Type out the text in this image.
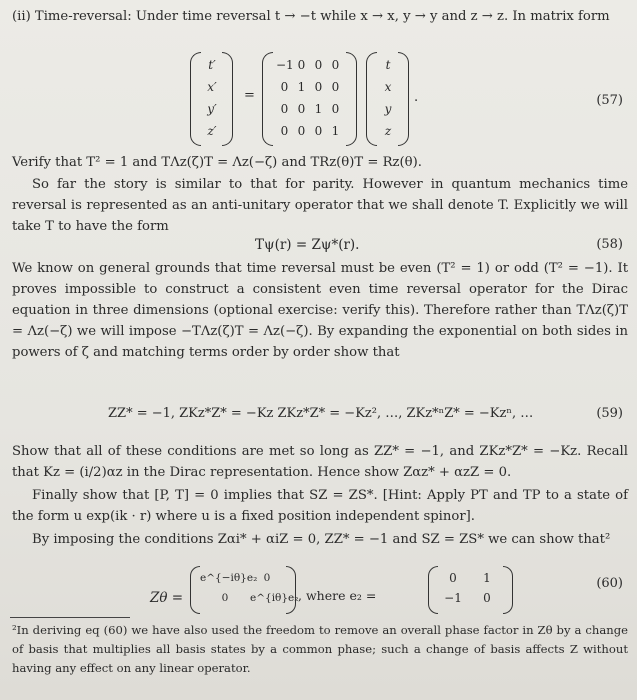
(ii) Time-reversal: Under time reversal t → −t while x → x, y → y and z → z. In matrix form
t′
x′
y′
z′
=
−1 0 0 0
0 1 0 0
0 0 1 0
0 0 0 1
t
x
y
z
.	(57)
Verify that T² = 1 and TΛz(ζ)T = Λz(−ζ) and TRz(θ)T = Rz(θ).
So far the story is similar to that for parity. However in quantum mechanics time reversal is represented as an anti-unitary operator that we shall denote T. Explicitly we will take T to have the form
Tψ(r) = Zψ*(r).	(58)
We know on general grounds that time reversal must be even (T² = 1) or odd (T² = −1). It proves impossible to construct a consistent even time reversal operator for the Dirac equation in three dimensions (optional exercise: verify this). Therefore rather than TΛz(ζ)T = Λz(−ζ) we will impose −TΛz(ζ)T = Λz(−ζ). By expanding the exponential on both sides in powers of ζ and matching terms order by order show that
ZZ* = −1, ZKz*Z* = −Kz ZKz*Z* = −Kz², …, ZKz*ⁿZ* = −Kzⁿ, …	(59)
Show that all of these conditions are met so long as ZZ* = −1, and ZKz*Z* = −Kz. Recall that Kz = (i/2)αz in the Dirac representation. Hence show Zαz* + αzZ = 0.
Finally show that [P, T] = 0 implies that SZ = ZS*. [Hint: Apply PT and TP to a state of the form u exp(ik · r) where u is a fixed position independent spinor].
By imposing the conditions Zαi* + αiZ = 0, ZZ* = −1 and SZ = ZS* we can show that²
Zθ =
e^{−iθ}e₂ 0
0	e^{iθ}e₂ , where e₂ =
0	1
−1	0
(60)
²In deriving eq (60) we have also used the freedom to remove an overall phase factor in Zθ by a change of basis that multiplies all basis states by a common phase; such a change of basis affects Z without having any effect on any linear operator.
